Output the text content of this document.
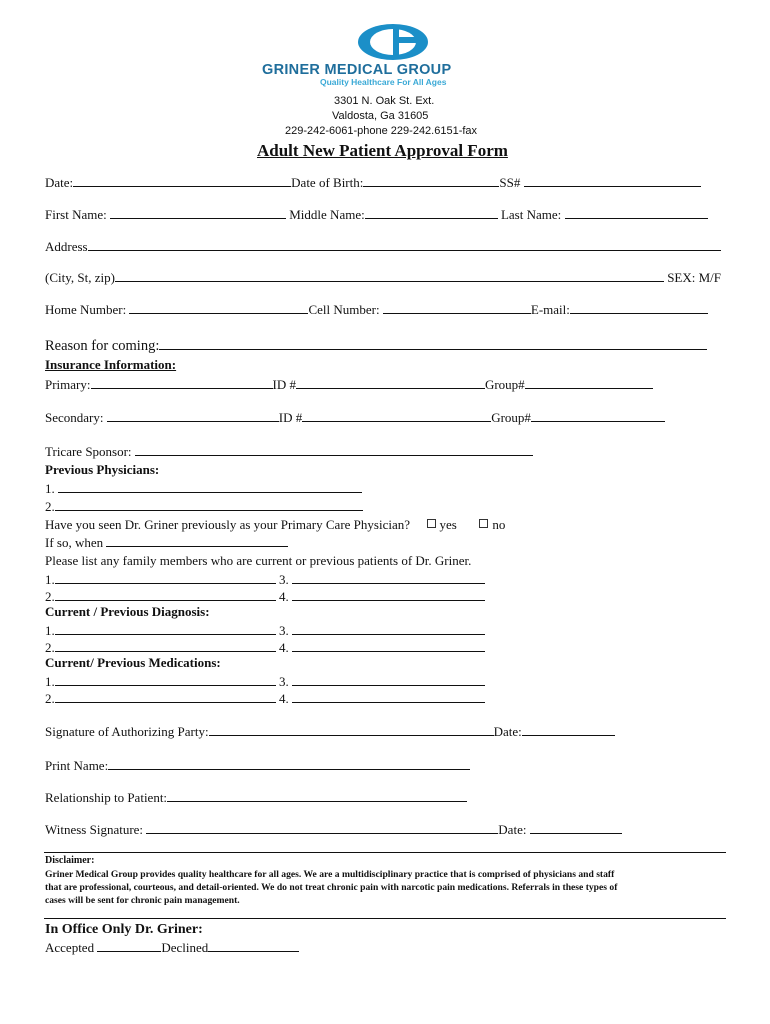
GRINER MEDICAL GROUP
Quality Healthcare For All Ages
3301 N. Oak St. Ext.
Valdosta, Ga 31605
229-242-6061-phone 229-242.6151-fax
Adult New Patient Approval Form
Date:	Date of Birth:	SS#
First Name:	Middle Name:	Last Name:
Address
(City, St, zip)	SEX: M/F
Home Number:	Cell Number:	E-mail:
Reason for coming:
Insurance Information:
Primary:	ID #	Group#
Secondary:	ID #	Group#
Tricare Sponsor:
Previous Physicians:
1.
2.
Have you seen Dr. Griner previously as your Primary Care Physician? yes	no
If so, when
Please list any family members who are current or previous patients of Dr. Griner.
1.	3.
2.	4.
Current / Previous Diagnosis:
1.	3.
2.	4.
Current/ Previous Medications:
1.	3.
2.	4.
Signature of Authorizing Party:	Date:
Print Name:
Relationship to Patient:
Witness Signature:	Date:
Disclaimer:
Griner Medical Group provides quality healthcare for all ages. We are a multidisciplinary practice that is comprised of physicians and staff
that are professional, courteous, and detail-oriented. We do not treat chronic pain with narcotic pain medications. Referrals in these types of
cases will be sent for chronic pain management.
In Office Only Dr. Griner:
Accepted	Declined
